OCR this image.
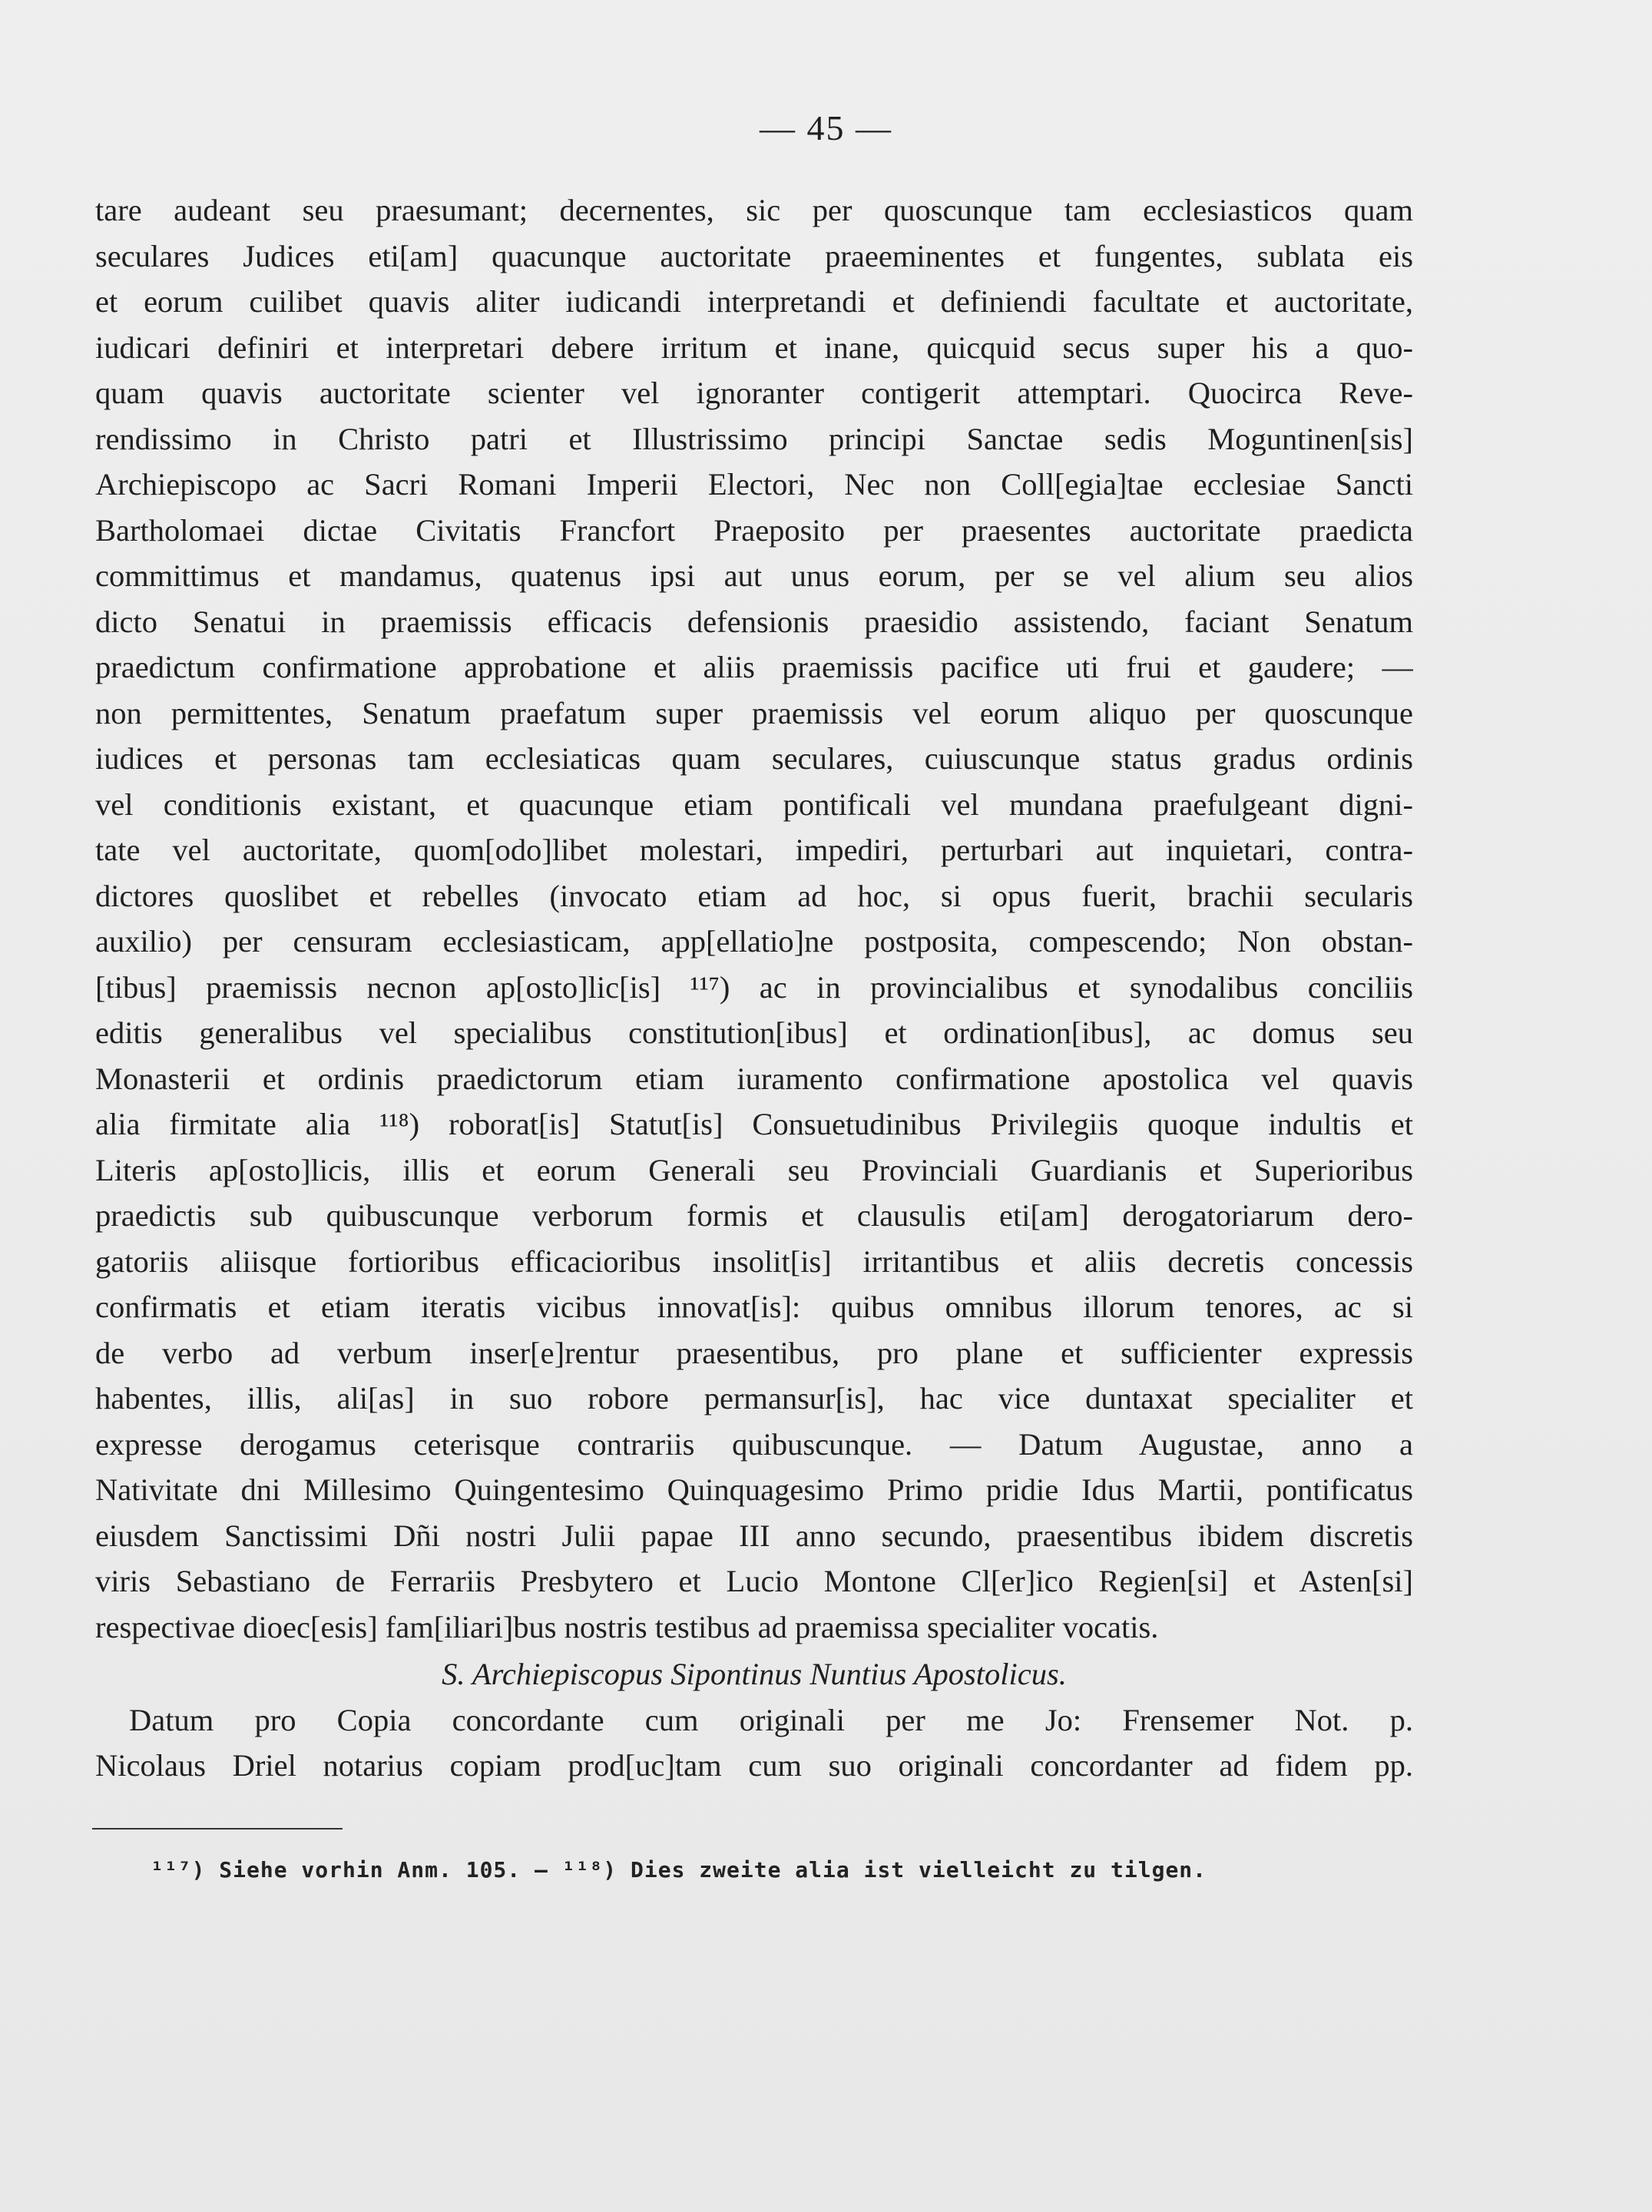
— 45 —
tare audeant seu praesumant; decernentes, sic per quoscunque tam ecclesiasticos quam
seculares Judices eti[am] quacunque auctoritate praeeminentes et fungentes, sublata eis
et eorum cuilibet quavis aliter iudicandi interpretandi et definiendi facultate et auctoritate,
iudicari definiri et interpretari debere irritum et inane, quicquid secus super his a quo-
quam quavis auctoritate scienter vel ignoranter contigerit attemptari. Quocirca Reve-
rendissimo in Christo patri et Illustrissimo principi Sanctae sedis Moguntinen[sis]
Archiepiscopo ac Sacri Romani Imperii Electori, Nec non Coll[egia]tae ecclesiae Sancti
Bartholomaei dictae Civitatis Francfort Praeposito per praesentes auctoritate praedicta
committimus et mandamus, quatenus ipsi aut unus eorum, per se vel alium seu alios
dicto Senatui in praemissis efficacis defensionis praesidio assistendo, faciant Senatum
praedictum confirmatione approbatione et aliis praemissis pacifice uti frui et gaudere; —
non permittentes, Senatum praefatum super praemissis vel eorum aliquo per quoscunque
iudices et personas tam ecclesiaticas quam seculares, cuiuscunque status gradus ordinis
vel conditionis existant, et quacunque etiam pontificali vel mundana praefulgeant digni-
tate vel auctoritate, quom[odo]libet molestari, impediri, perturbari aut inquietari, contra-
dictores quoslibet et rebelles (invocato etiam ad hoc, si opus fuerit, brachii secularis
auxilio) per censuram ecclesiasticam, app[ellatio]ne postposita, compescendo; Non obstan-
[tibus] praemissis necnon ap[osto]lic[is] ¹¹⁷) ac in provincialibus et synodalibus conciliis
editis generalibus vel specialibus constitution[ibus] et ordination[ibus], ac domus seu
Monasterii et ordinis praedictorum etiam iuramento confirmatione apostolica vel quavis
alia firmitate alia ¹¹⁸) roborat[is] Statut[is] Consuetudinibus Privilegiis quoque indultis et
Literis ap[osto]licis, illis et eorum Generali seu Provinciali Guardianis et Superioribus
praedictis sub quibuscunque verborum formis et clausulis eti[am] derogatoriarum dero-
gatoriis aliisque fortioribus efficacioribus insolit[is] irritantibus et aliis decretis concessis
confirmatis et etiam iteratis vicibus innovat[is]: quibus omnibus illorum tenores, ac si
de verbo ad verbum inser[e]rentur praesentibus, pro plane et sufficienter expressis
habentes, illis, ali[as] in suo robore permansur[is], hac vice duntaxat specialiter et
expresse derogamus ceterisque contrariis quibuscunque. — Datum Augustae, anno a
Nativitate dni Millesimo Quingentesimo Quinquagesimo Primo pridie Idus Martii, pontificatus
eiusdem Sanctissimi Dñi nostri Julii papae III anno secundo, praesentibus ibidem discretis
viris Sebastiano de Ferrariis Presbytero et Lucio Montone Cl[er]ico Regien[si] et Asten[si]
respectivae dioec[esis] fam[iliari]bus nostris testibus ad praemissa specialiter vocatis.
S. Archiepiscopus Sipontinus Nuntius Apostolicus.
Datum pro Copia concordante cum originali per me Jo: Frensemer Not. p.
Nicolaus Driel notarius copiam prod[uc]tam cum suo originali concordanter ad fidem pp.
¹¹⁷) Siehe vorhin Anm. 105. — ¹¹⁸) Dies zweite alia ist vielleicht zu tilgen.
